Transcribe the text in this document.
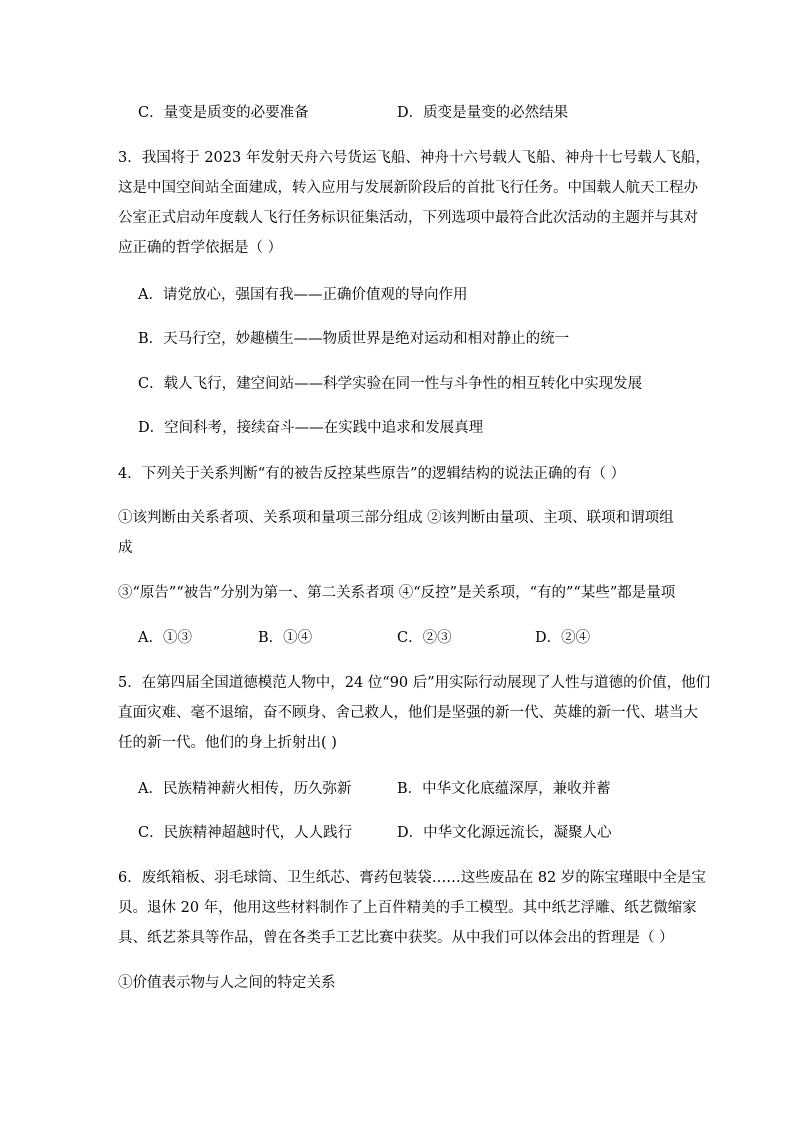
C．量变是质变的必要准备	D．质变是量变的必然结果
3．我国将于 2023 年发射天舟六号货运飞船、神舟十六号载人飞船、神舟十七号载人飞船，
这是中国空间站全面建成，转入应用与发展新阶段后的首批飞行任务。中国载人航天工程办
公室正式启动年度载人飞行任务标识征集活动，下列选项中最符合此次活动的主题并与其对
应正确的哲学依据是（ ）
A．请党放心，强国有我——正确价值观的导向作用
B．天马行空，妙趣横生——物质世界是绝对运动和相对静止的统一
C．载人飞行，建空间站——科学实验在同一性与斗争性的相互转化中实现发展
D．空间科考，接续奋斗——在实践中追求和发展真理
4．下列关于关系判断“有的被告反控某些原告”的逻辑结构的说法正确的有（ ）
①该判断由关系者项、关系项和量项三部分组成 ②该判断由量项、主项、联项和谓项组
成
③“原告”“被告”分别为第一、第二关系者项 ④“反控”是关系项，“有的”“某些”都是量项
A．①③	B．①④	C．②③	D．②④
5．在第四届全国道德模范人物中，24 位“90 后”用实际行动展现了人性与道德的价值，他们
直面灾难、毫不退缩，奋不顾身、舍己救人，他们是坚强的新一代、英雄的新一代、堪当大
任的新一代。他们的身上折射出( )
A．民族精神薪火相传，历久弥新	B．中华文化底蕴深厚，兼收并蓄
C．民族精神超越时代，人人践行	D．中华文化源远流长，凝聚人心
6．废纸箱板、羽毛球筒、卫生纸芯、膏药包装袋……这些废品在 82 岁的陈宝瑾眼中全是宝
贝。退休 20 年，他用这些材料制作了上百件精美的手工模型。其中纸艺浮雕、纸艺微缩家
具、纸艺茶具等作品，曾在各类手工艺比赛中获奖。从中我们可以体会出的哲理是（ ）
①价值表示物与人之间的特定关系
